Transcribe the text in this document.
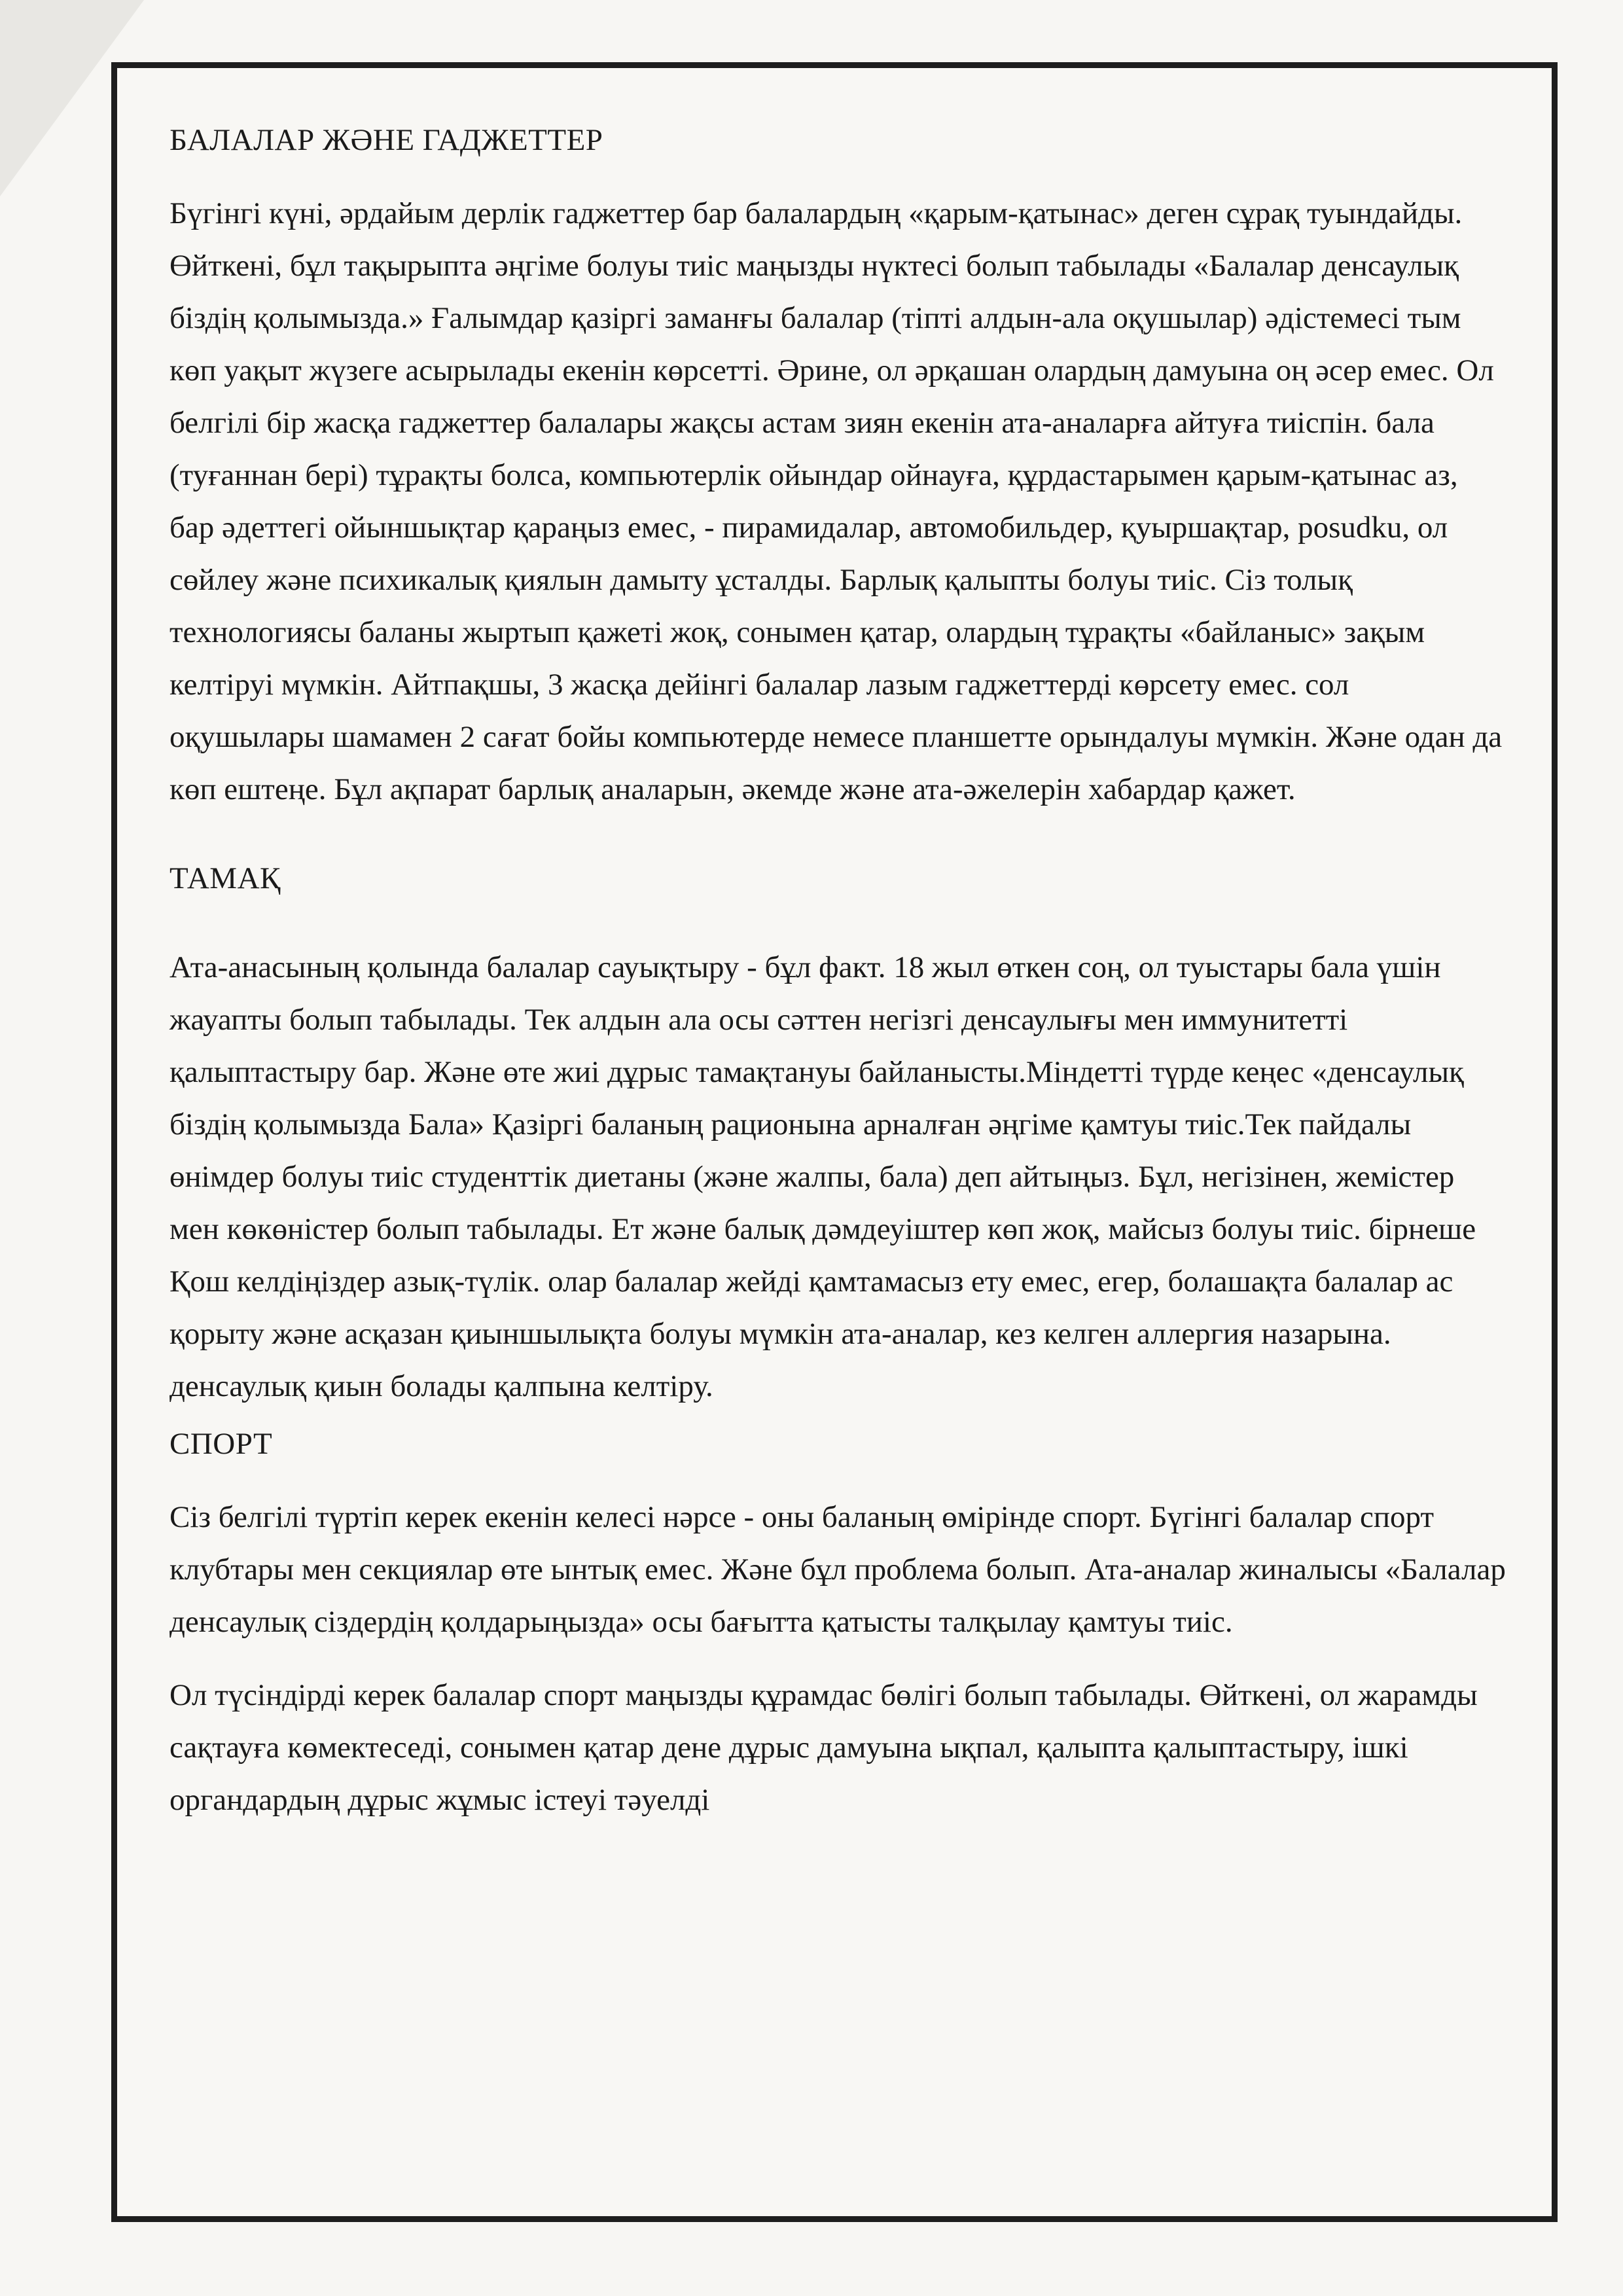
БАЛАЛАР ЖӘНЕ ГАДЖЕТТЕР

Бүгінгі күні, әрдайым дерлік гаджеттер бар балалардың «қарым-қатынас» деген сұрақ туындайды. Өйткені, бұл тақырыпта әңгіме болуы тиіс маңызды нүктесі болып табылады «Балалар денсаулық біздің қолымызда.» Ғалымдар қазіргі заманғы балалар (тіпті алдын-ала оқушылар) әдістемесі тым көп уақыт жүзеге асырылады екенін көрсетті. Әрине, ол әрқашан олардың дамуына оң әсер емес. Ол белгілі бір жасқа гаджеттер балалары жақсы астам зиян екенін ата-аналарға айтуға тиіспін. бала (туғаннан бері) тұрақты болса, компьютерлік ойындар ойнауға, құрдастарымен қарым-қатынас аз, бар әдеттегі ойыншықтар қараңыз емес, - пирамидалар, автомобильдер, қуыршақтар, posudku, ол сөйлеу және психикалық қиялын дамыту ұсталды. Барлық қалыпты болуы тиіс. Сіз толық технологиясы баланы жыртып қажеті жоқ, сонымен қатар, олардың тұрақты «байланыс» зақым келтіруі мүмкін. Айтпақшы, 3 жасқа дейінгі балалар лазым гаджеттерді көрсету емес. сол оқушылары шамамен 2 сағат бойы компьютерде немесе планшетте орындалуы мүмкін. Және одан да көп ештеңе. Бұл ақпарат барлық аналарын, әкемде және ата-әжелерін хабардар қажет.

ТАМАҚ

Ата-анасының қолында балалар сауықтыру - бұл факт. 18 жыл өткен соң, ол туыстары бала үшін жауапты болып табылады. Тек алдын ала осы сәттен негізгі денсаулығы мен иммунитетті қалыптастыру бар. Және өте жиі дұрыс тамақтануы байланысты.Міндетті түрде кеңес «денсаулық біздің қолымызда Бала» Қазіргі баланың рационына арналған әңгіме қамтуы тиіс.Тек пайдалы өнімдер болуы тиіс студенттік диетаны (және жалпы, бала) деп айтыңыз. Бұл, негізінен, жемістер мен көкөністер болып табылады. Ет және балық дәмдеуіштер көп жоқ, майсыз болуы тиіс. бірнеше Қош келдіңіздер азық-түлік. олар балалар жейді қамтамасыз ету емес, егер, болашақта балалар ас қорыту және асқазан қиыншылықта болуы мүмкін ата-аналар, кез келген аллергия назарына. денсаулық қиын болады қалпына келтіру.

СПОРТ

Сіз белгілі түртіп керек екенін келесі нәрсе - оны баланың өмірінде спорт. Бүгінгі балалар спорт клубтары мен секциялар өте ынтық емес. Және бұл проблема болып. Ата-аналар жиналысы «Балалар денсаулық сіздердің қолдарыңызда» осы бағытта қатысты талқылау қамтуы тиіс.

Ол түсіндірді керек балалар спорт маңызды құрамдас бөлігі болып табылады. Өйткені, ол жарамды сақтауға көмектеседі, сонымен қатар дене дұрыс дамуына ықпал, қалыпта қалыптастыру, ішкі органдардың дұрыс жұмыс істеуі тәуелді
